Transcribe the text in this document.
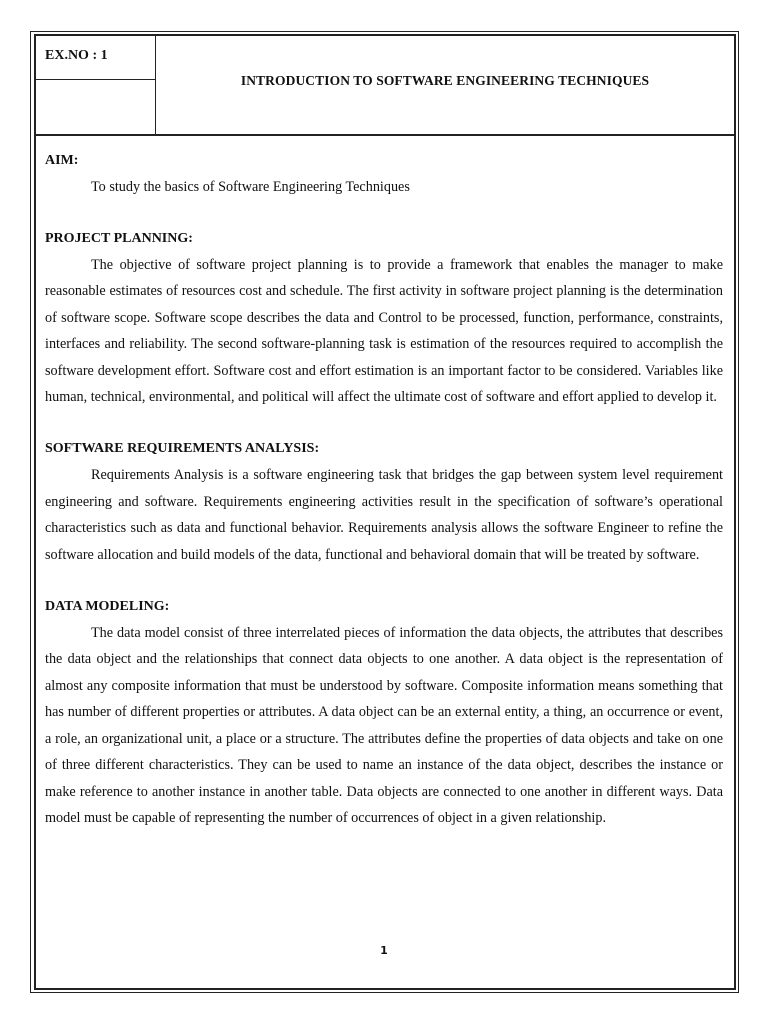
EX.NO : 1
INTRODUCTION TO SOFTWARE ENGINEERING TECHNIQUES

AIM:

To study the basics of Software Engineering Techniques

PROJECT PLANNING:

The objective of software project planning is to provide a framework that enables the manager to make reasonable estimates of resources cost and schedule. The first activity in software project planning is the determination of software scope. Software scope describes the data and Control to be processed, function, performance, constraints, interfaces and reliability. The second software-planning task is estimation of the resources required to accomplish the software development effort. Software cost and effort estimation is an important factor to be considered. Variables like human, technical, environmental, and political will affect the ultimate cost of software and effort applied to develop it.

SOFTWARE REQUIREMENTS ANALYSIS:

Requirements Analysis is a software engineering task that bridges the gap between system level requirement engineering and software. Requirements engineering activities result in the specification of software’s operational characteristics such as data and functional behavior. Requirements analysis allows the software Engineer to refine the software allocation and build models of the data, functional and behavioral domain that will be treated by software.

DATA MODELING:

The data model consist of three interrelated pieces of information the data objects, the attributes that describes the data object and the relationships that connect data objects to one another. A data object is the representation of almost any composite information that must be understood by software. Composite information means something that has number of different properties or attributes. A data object can be an external entity, a thing, an occurrence or event, a role, an organizational unit, a place or a structure. The attributes define the properties of data objects and take on one of three different characteristics. They can be used to name an instance of the data object, describes the instance or make reference to another instance in another table. Data objects are connected to one another in different ways. Data model must be capable of representing the number of occurrences of object in a given relationship.

1
